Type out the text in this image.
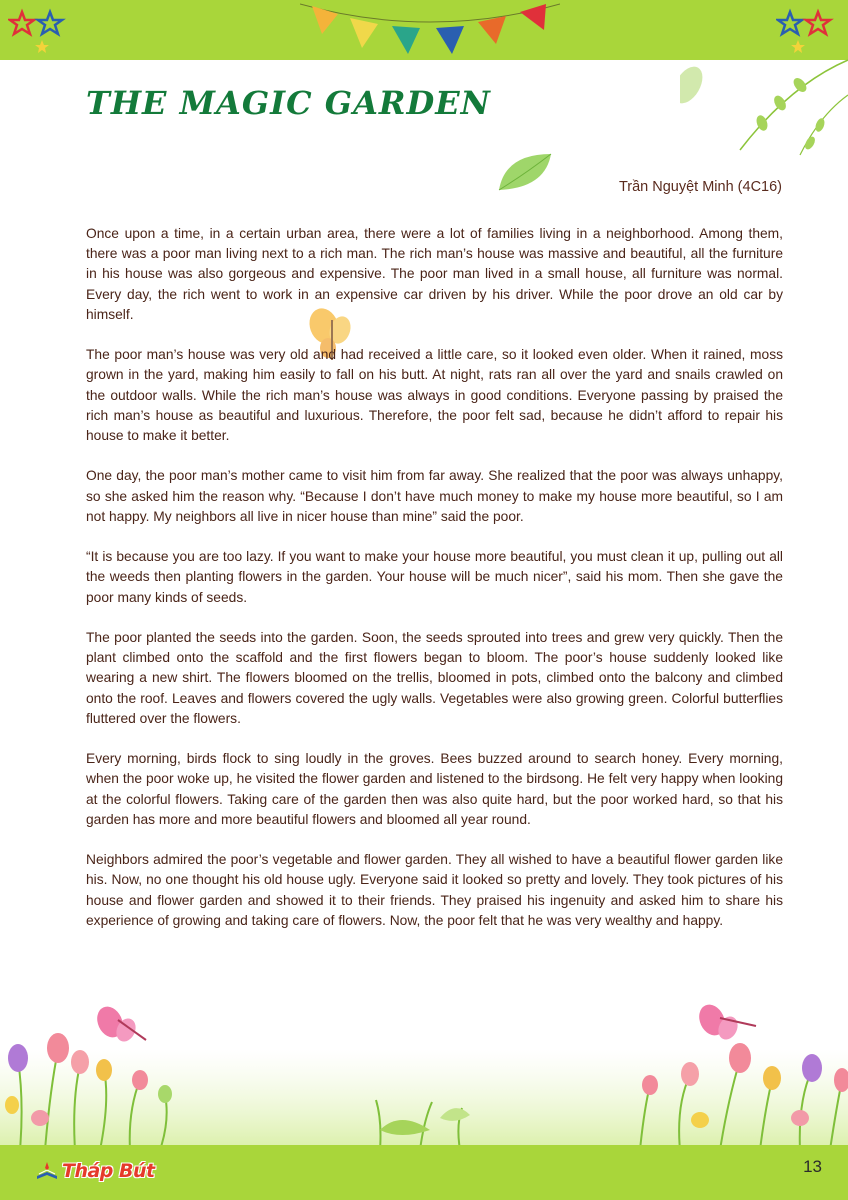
THE MAGIC GARDEN
Trần Nguyệt Minh (4C16)

Once upon a time, in a certain urban area, there were a lot of families living in a neighborhood. Among them, there was a poor man living next to a rich man. The rich man’s house was massive and beautiful, all the furniture in his house was also gorgeous and expensive. The poor man lived in a small house, all furniture was normal. Every day, the rich went to work in an expensive car driven by his driver. While the poor drove an old car by himself.

The poor man’s house was very old and had received a little care, so it looked even older. When it rained, moss grown in the yard, making him easily to fall on his butt. At night, rats ran all over the yard and snails crawled on the outdoor walls. While the rich man’s house was always in good conditions. Everyone passing by praised the rich man’s house as beautiful and luxurious. Therefore, the poor felt sad, because he didn’t afford to repair his house to make it better.

One day, the poor man’s mother came to visit him from far away. She realized that the poor was always unhappy, so she asked him the reason why. “Because I don’t have much money to make my house more beautiful, so I am not happy. My neighbors all live in nicer house than mine” said the poor.

“It is because you are too lazy. If you want to make your house more beautiful, you must clean it up, pulling out all the weeds then planting flowers in the garden. Your house will be much nicer”, said his mom. Then she gave the poor many kinds of seeds.

The poor planted the seeds into the garden. Soon, the seeds sprouted into trees and grew very quickly. Then the plant climbed onto the scaffold and the first flowers began to bloom. The poor’s house suddenly looked like wearing a new shirt. The flowers bloomed on the trellis, bloomed in pots, climbed onto the balcony and climbed onto the roof. Leaves and flowers covered the ugly walls. Vegetables were also growing green. Colorful butterflies fluttered over the flowers.

Every morning, birds flock to sing loudly in the groves. Bees buzzed around to search honey. Every morning, when the poor woke up, he visited the flower garden and listened to the birdsong. He felt very happy when looking at the colorful flowers. Taking care of the garden then was also quite hard, but the poor worked hard, so that his garden has more and more beautiful flowers and bloomed all year round.

Neighbors admired the poor’s vegetable and flower garden. They all wished to have a beautiful flower garden like his. Now, no one thought his old house ugly. Everyone said it looked so pretty and lovely. They took pictures of his house and flower garden and showed it to their friends. They praised his ingenuity and asked him to share his experience of growing and taking care of flowers. Now, the poor felt that he was very wealthy and happy.

Tháp Bút	13
